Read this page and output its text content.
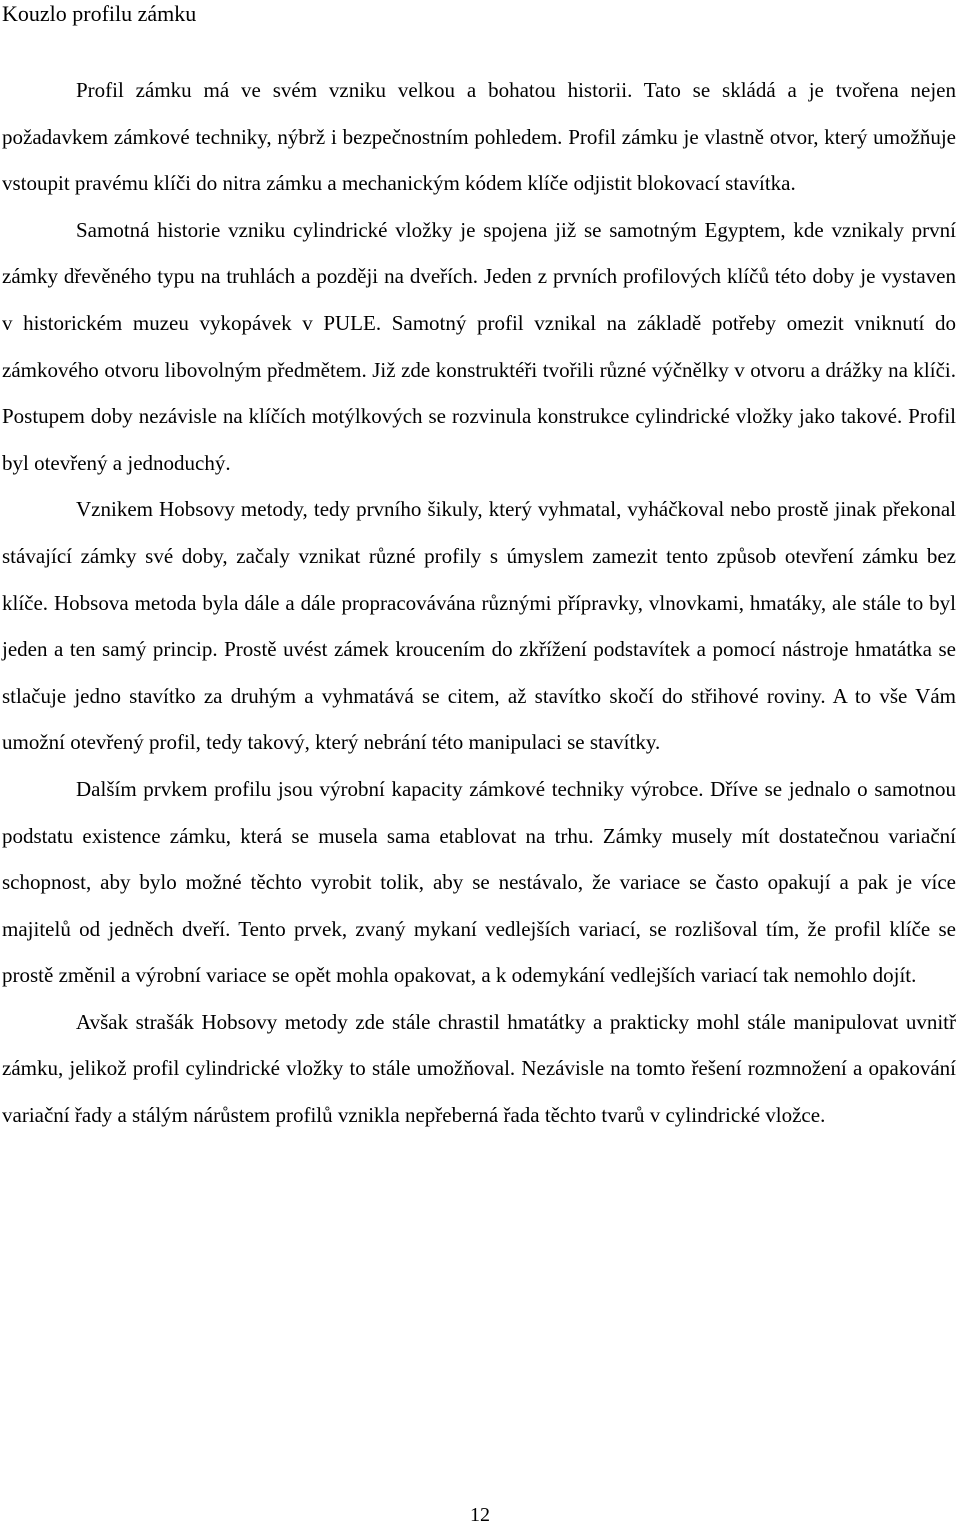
Kouzlo profilu zámku

Profil zámku má ve svém vzniku velkou a bohatou historii. Tato se skládá a je tvořena nejen požadavkem zámkové techniky, nýbrž i bezpečnostním pohledem. Profil zámku je vlastně otvor, který umožňuje vstoupit pravému klíči do nitra zámku a mechanickým kódem klíče odjistit blokovací stavítka.

Samotná historie vzniku cylindrické vložky je spojena již se samotným Egyptem, kde vznikaly první zámky dřevěného typu na truhlách a později na dveřích. Jeden z prvních profilových klíčů této doby je vystaven v historickém muzeu vykopávek v PULE. Samotný profil vznikal na základě potřeby omezit vniknutí do zámkového otvoru libovolným předmětem. Již zde konstruktéři tvořili různé výčnělky v otvoru a drážky na klíči. Postupem doby nezávisle na klíčích motýlkových se rozvinula konstrukce cylindrické vložky jako takové. Profil byl otevřený a jednoduchý.

Vznikem Hobsovy metody, tedy prvního šikuly, který vyhmatal, vyháčkoval nebo prostě jinak překonal stávající zámky své doby, začaly vznikat různé profily s úmyslem zamezit tento způsob otevření zámku bez klíče. Hobsova metoda byla dále a dále propracovávána různými přípravky, vlnovkami, hmatáky, ale stále to byl jeden a ten samý princip. Prostě uvést zámek kroucením do zkřížení podstavítek a pomocí nástroje hmatátka se stlačuje jedno stavítko za druhým a vyhmatává se citem, až stavítko skočí do střihové roviny. A to vše Vám umožní otevřený profil, tedy takový, který nebrání této manipulaci se stavítky.

Dalším prvkem profilu jsou výrobní kapacity zámkové techniky výrobce. Dříve se jednalo o samotnou podstatu existence zámku, která se musela sama etablovat na trhu. Zámky musely mít dostatečnou variační schopnost, aby bylo možné těchto vyrobit tolik, aby se nestávalo, že variace se často opakují a pak je více majitelů od jedněch dveří. Tento prvek, zvaný mykaní vedlejších variací, se rozlišoval tím, že profil klíče se prostě změnil a výrobní variace se opět mohla opakovat, a k odemykání vedlejších variací tak nemohlo dojít.

Avšak strašák Hobsovy metody zde stále chrastil hmatátky a prakticky mohl stále manipulovat uvnitř zámku, jelikož profil cylindrické vložky to stále umožňoval. Nezávisle na tomto řešení rozmnožení a opakování variační řady a stálým nárůstem profilů vznikla nepřeberná řada těchto tvarů v cylindrické vložce.

12
